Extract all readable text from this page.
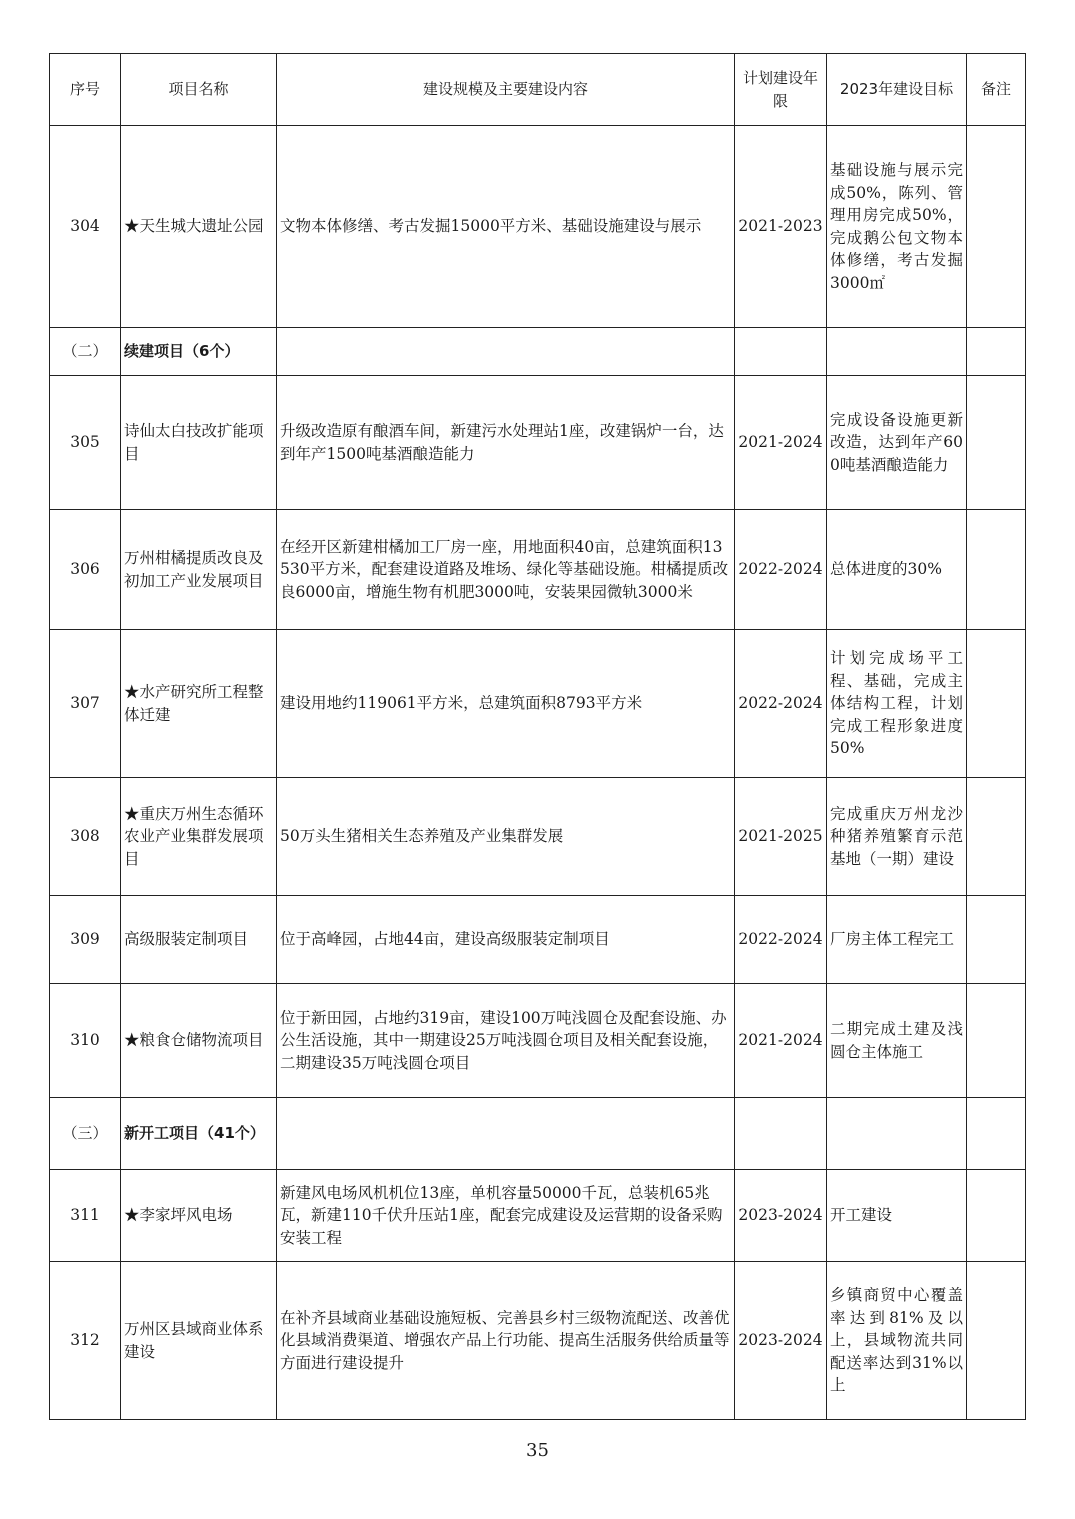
序号	项目名称	建设规模及主要建设内容	计划建设年限	2023年建设目标	备注
304	★天生城大遗址公园	文物本体修缮、考古发掘15000平方米、基础设施建设与展示	2021-2023	基础设施与展示完成50%，陈列、管理用房完成50%，完成鹅公包文物本体修缮，考古发掘3000㎡	
（二）	续建项目（6个）				
305	诗仙太白技改扩能项目	升级改造原有酿酒车间，新建污水处理站1座，改建锅炉一台，达到年产1500吨基酒酿造能力	2021-2024	完成设备设施更新改造，达到年产600吨基酒酿造能力	
306	万州柑橘提质改良及初加工产业发展项目	在经开区新建柑橘加工厂房一座，用地面积40亩，总建筑面积13530平方米，配套建设道路及堆场、绿化等基础设施。柑橘提质改良6000亩，增施生物有机肥3000吨，安装果园微轨3000米	2022-2024	总体进度的30%	
307	★水产研究所工程整体迁建	建设用地约119061平方米，总建筑面积8793平方米	2022-2024	计划完成场平工程、基础，完成主体结构工程，计划完成工程形象进度50%	
308	★重庆万州生态循环农业产业集群发展项目	50万头生猪相关生态养殖及产业集群发展	2021-2025	完成重庆万州龙沙种猪养殖繁育示范基地（一期）建设	
309	高级服装定制项目	位于高峰园，占地44亩，建设高级服装定制项目	2022-2024	厂房主体工程完工	
310	★粮食仓储物流项目	位于新田园，占地约319亩，建设100万吨浅圆仓及配套设施、办公生活设施，其中一期建设25万吨浅圆仓项目及相关配套设施，二期建设35万吨浅圆仓项目	2021-2024	二期完成土建及浅圆仓主体施工	
（三）	新开工项目（41个）				
311	★李家坪风电场	新建风电场风机机位13座，单机容量50000千瓦，总装机65兆瓦，新建110千伏升压站1座，配套完成建设及运营期的设备采购安装工程	2023-2024	开工建设	
312	万州区县域商业体系建设	在补齐县域商业基础设施短板、完善县乡村三级物流配送、改善优化县域消费渠道、增强农产品上行功能、提高生活服务供给质量等方面进行建设提升	2023-2024	乡镇商贸中心覆盖率达到81%及以上，县域物流共同配送率达到31%以上	
35
